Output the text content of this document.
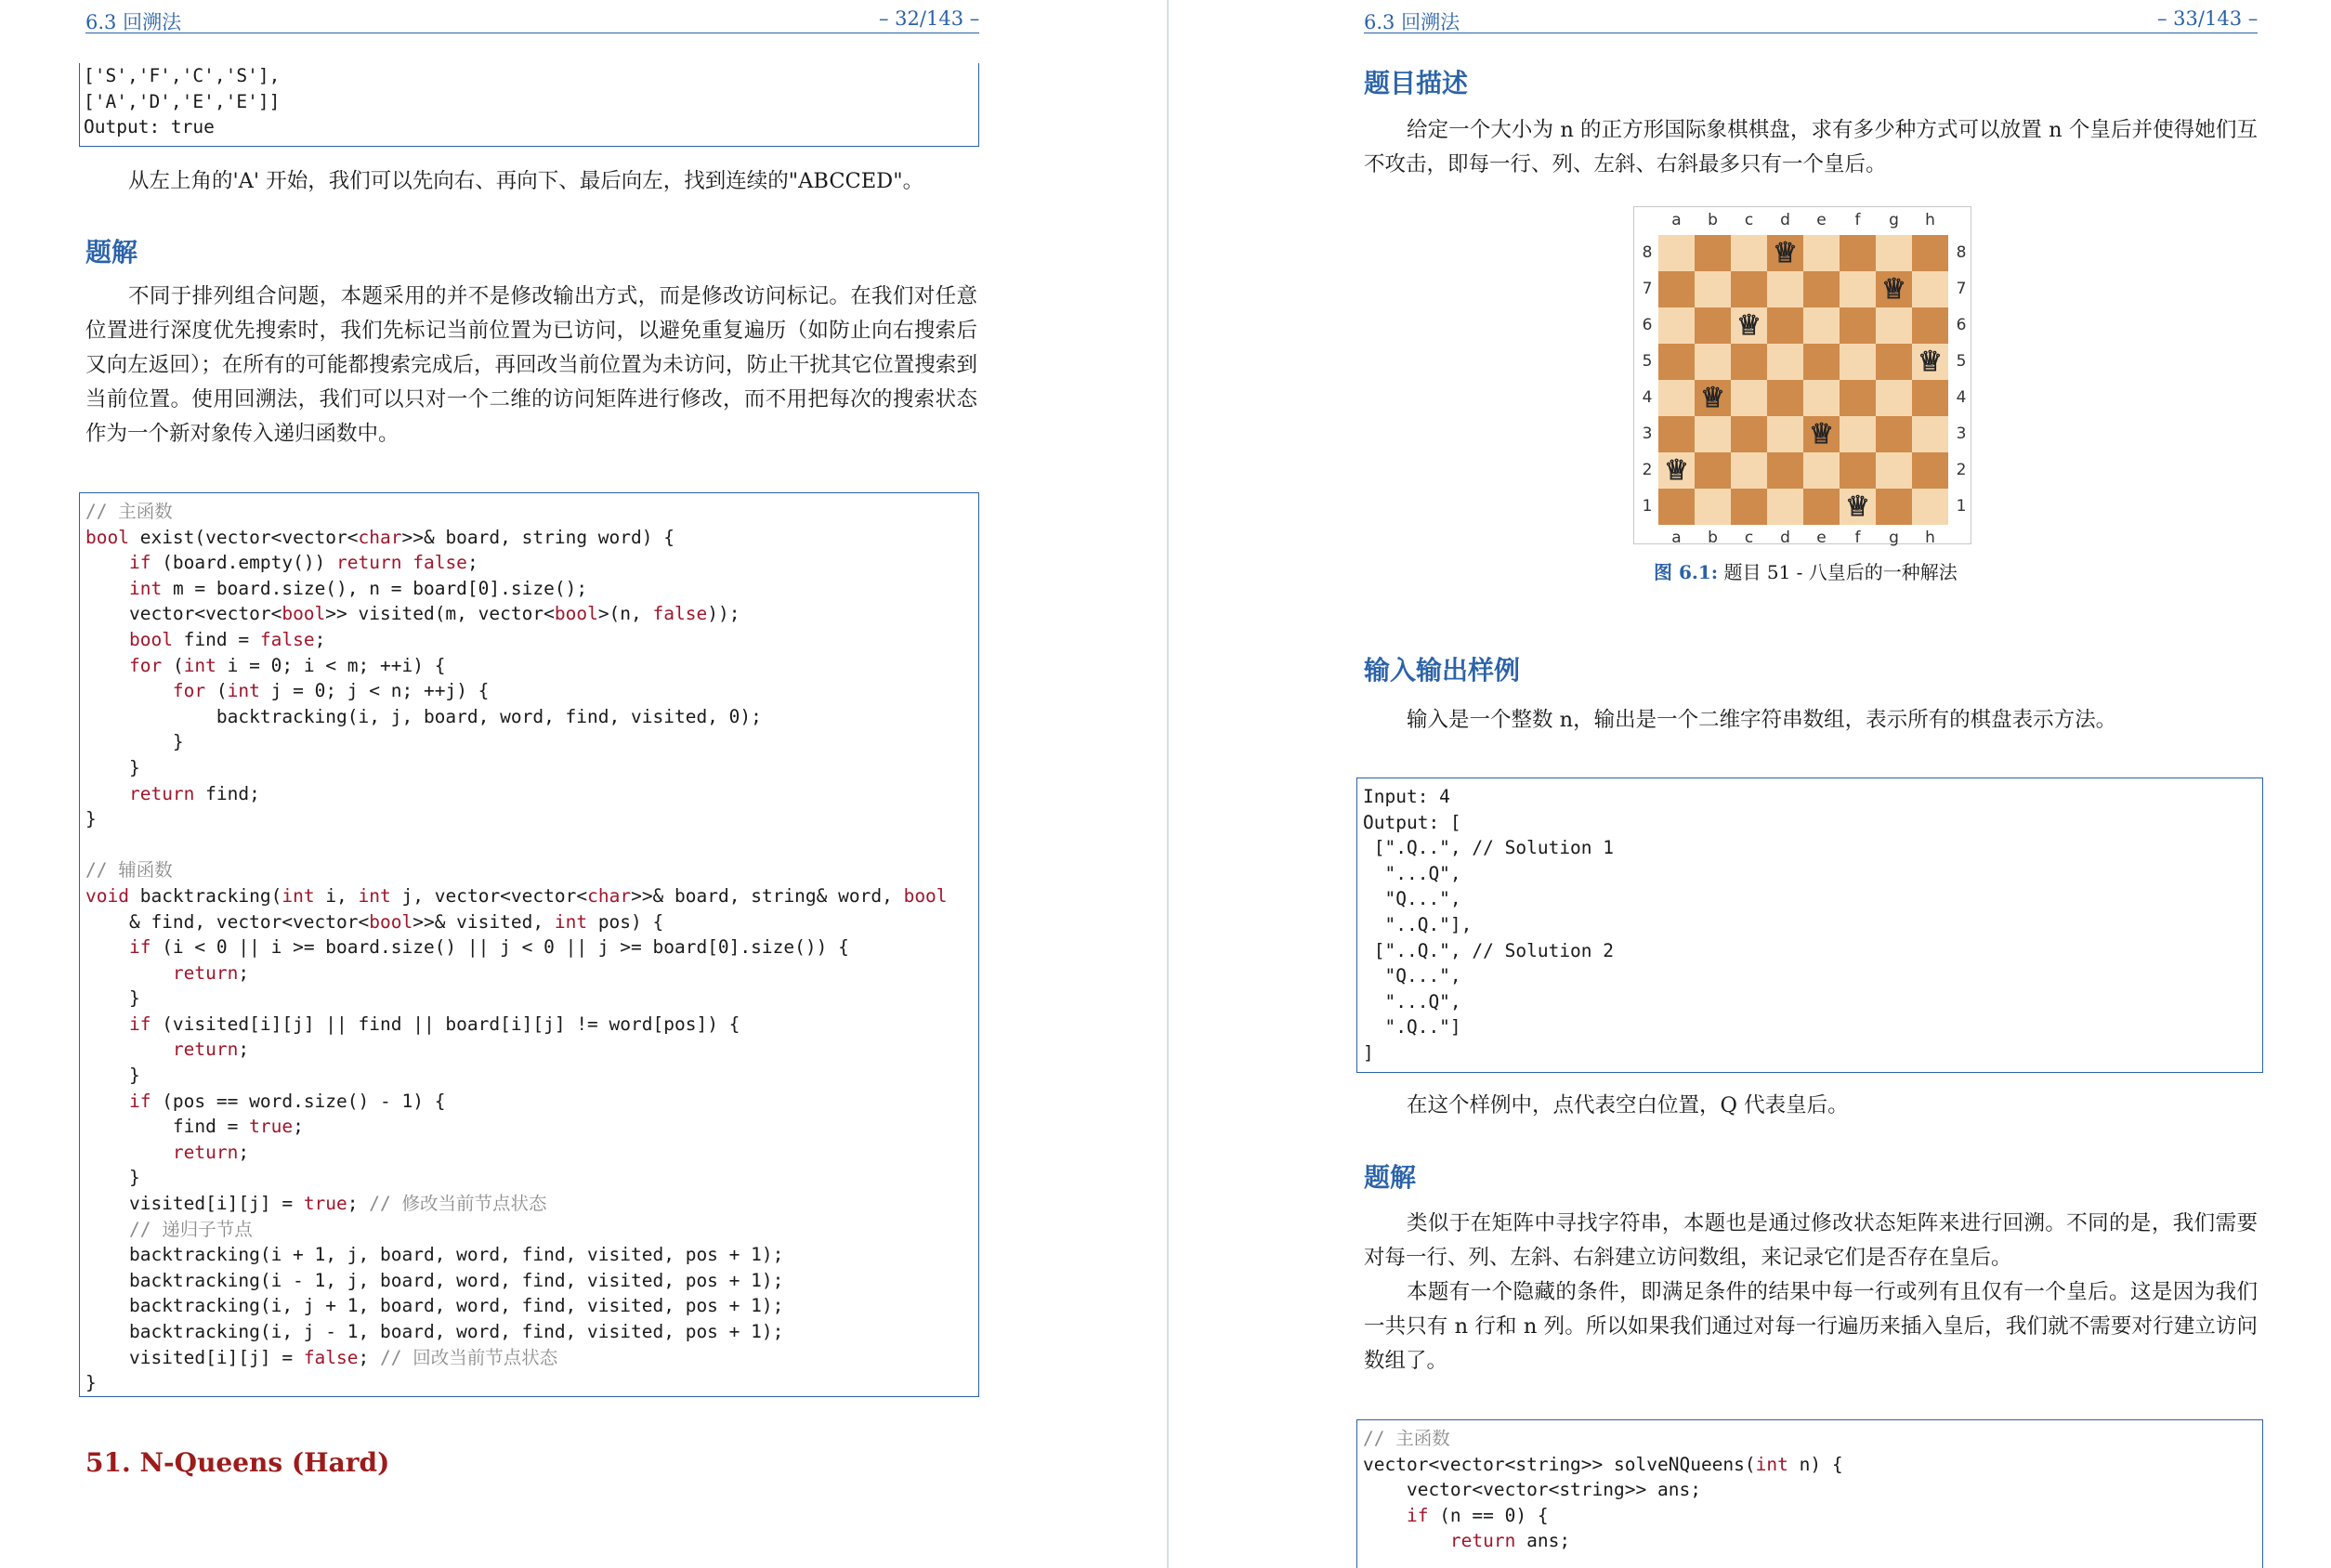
6.3 回溯法	– 32/143 –
['S','F','C','S'],
['A','D','E','E']]
Output: true
从左上角的'A' 开始，我们可以先向右、再向下、最后向左，找到连续的"ABCCED"。
题解
不同于排列组合问题，本题采用的并不是修改输出方式，而是修改访问标记。在我们对任意位置进行深度优先搜索时，我们先标记当前位置为已访问，以避免重复遍历（如防止向右搜索后又向左返回）；在所有的可能都搜索完成后，再回改当前位置为未访问，防止干扰其它位置搜索到当前位置。使用回溯法，我们可以只对一个二维的访问矩阵进行修改，而不用把每次的搜索状态作为一个新对象传入递归函数中。
// 主函数
bool exist(vector<vector<char>>& board, string word) {
if (board.empty()) return false;
int m = board.size(), n = board[0].size();
vector<vector<bool>> visited(m, vector<bool>(n, false));
bool find = false;
for (int i = 0; i < m; ++i) {
for (int j = 0; j < n; ++j) {
backtracking(i, j, board, word, find, visited, 0);
}
}
return find;
}

// 辅函数
void backtracking(int i, int j, vector<vector<char>>& board, string& word, bool
& find, vector<vector<bool>>& visited, int pos) {
if (i < 0 || i >= board.size() || j < 0 || j >= board[0].size()) {
return;
}
if (visited[i][j] || find || board[i][j] != word[pos]) {
return;
}
if (pos == word.size() - 1) {
find = true;
return;
}
visited[i][j] = true; // 修改当前节点状态
// 递归子节点
backtracking(i + 1, j, board, word, find, visited, pos + 1);
backtracking(i - 1, j, board, word, find, visited, pos + 1);
backtracking(i, j + 1, board, word, find, visited, pos + 1);
backtracking(i, j - 1, board, word, find, visited, pos + 1);
visited[i][j] = false; // 回改当前节点状态
}
51. N-Queens (Hard)
6.3 回溯法	– 33/143 –
题目描述
给定一个大小为 n 的正方形国际象棋棋盘，求有多少种方式可以放置 n 个皇后并使得她们互不攻击，即每一行、列、左斜、右斜最多只有一个皇后。
输入输出样例
输入是一个整数 n，输出是一个二维字符串数组，表示所有的棋盘表示方法。
Input: 4
Output: [
[".Q..", // Solution 1
"...Q",
"Q...",
"..Q."],
["..Q.", // Solution 2
"Q...",
"...Q",
".Q.."]
]
在这个样例中，点代表空白位置，Q 代表皇后。
题解
类似于在矩阵中寻找字符串，本题也是通过修改状态矩阵来进行回溯。不同的是，我们需要对每一行、列、左斜、右斜建立访问数组，来记录它们是否存在皇后。
本题有一个隐藏的条件，即满足条件的结果中每一行或列有且仅有一个皇后。这是因为我们一共只有 n 行和 n 列。所以如果我们通过对每一行遍历来插入皇后，我们就不需要对行建立访问数组了。
// 主函数
vector<vector<string>> solveNQueens(int n) {
vector<vector<string>> ans;
if (n == 0) {
return ans;
♕
♕
♕
♕
♕
♕
♕
♕
a
a
b
b
c
c
d
d
e
e
f
f
g
g
h
h
8	8
7	7
6	6
5	5
4	4
3	3
2	2
1	1
图 6.1: 题目 51 - 八皇后的一种解法
